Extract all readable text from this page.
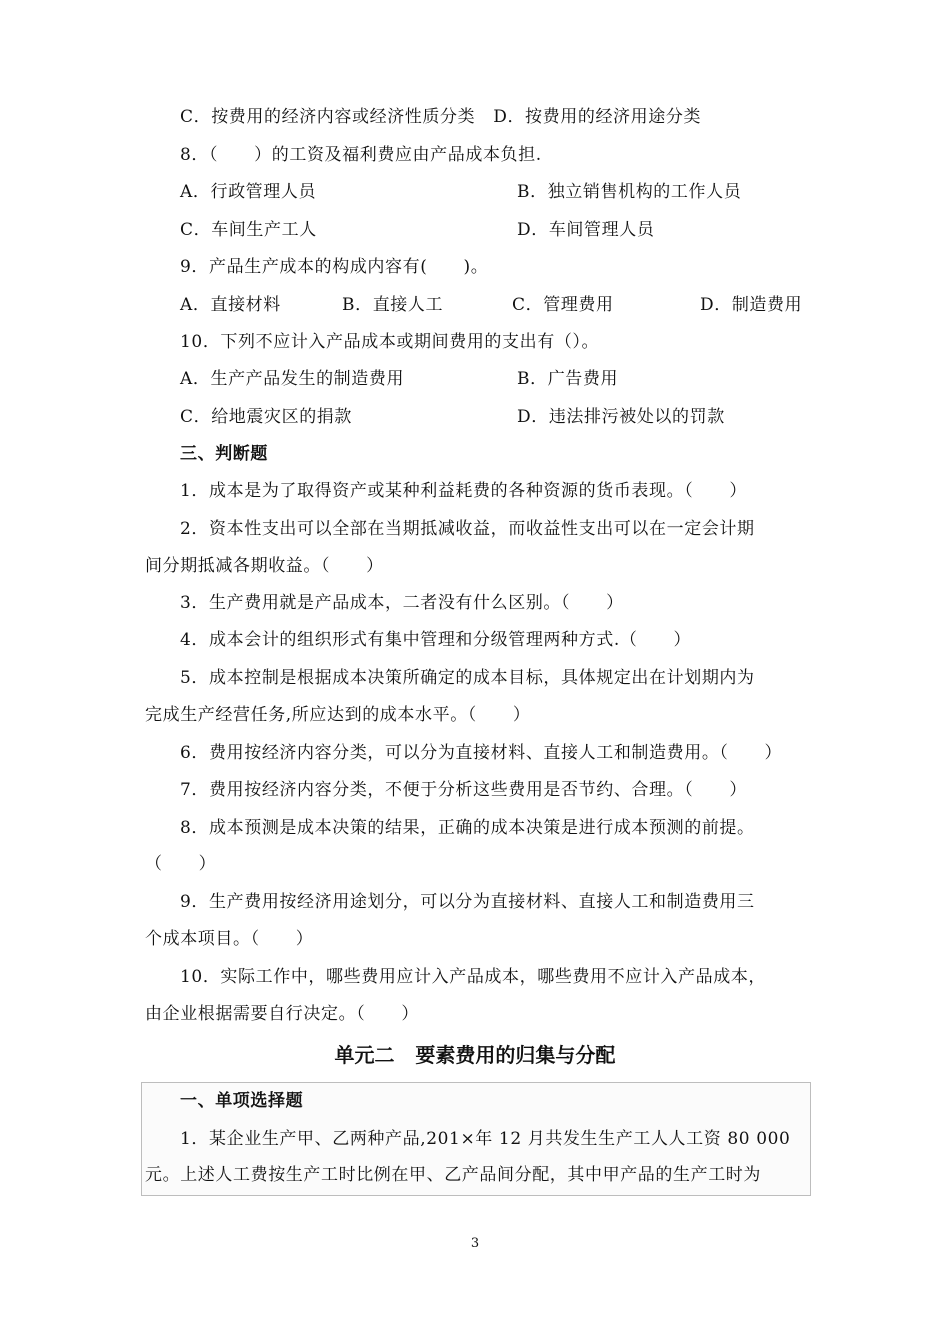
C．按费用的经济内容或经济性质分类   D．按费用的经济用途分类
8．（      ）的工资及福利费应由产品成本负担.
A．行政管理人员	B．独立销售机构的工作人员
C．车间生产工人	D．车间管理人员
9．产品生产成本的构成内容有(      )。
A．直接材料	B．直接人工	C．管理费用	D．制造费用
10．下列不应计入产品成本或期间费用的支出有（）。
A．生产产品发生的制造费用	B．广告费用
C．给地震灾区的捐款	D．违法排污被处以的罚款
三、判断题
1．成本是为了取得资产或某种利益耗费的各种资源的货币表现。（      ）
2．资本性支出可以全部在当期抵减收益，而收益性支出可以在一定会计期
间分期抵减各期收益。（      ）
3．生产费用就是产品成本，二者没有什么区别。（      ）
4．成本会计的组织形式有集中管理和分级管理两种方式.（      ）
5．成本控制是根据成本决策所确定的成本目标，具体规定出在计划期内为
完成生产经营任务,所应达到的成本水平。（      ）
6．费用按经济内容分类，可以分为直接材料、直接人工和制造费用。（      ）
7．费用按经济内容分类，不便于分析这些费用是否节约、合理。（      ）
8．成本预测是成本决策的结果，正确的成本决策是进行成本预测的前提。
（      ）
9．生产费用按经济用途划分，可以分为直接材料、直接人工和制造费用三
个成本项目。（      ）
10．实际工作中，哪些费用应计入产品成本，哪些费用不应计入产品成本，
由企业根据需要自行决定。（      ）
单元二   要素费用的归集与分配
一、单项选择题
1．某企业生产甲、乙两种产品,201×年 12 月共发生生产工人人工资 80 000
元。上述人工费按生产工时比例在甲、乙产品间分配，其中甲产品的生产工时为
3
